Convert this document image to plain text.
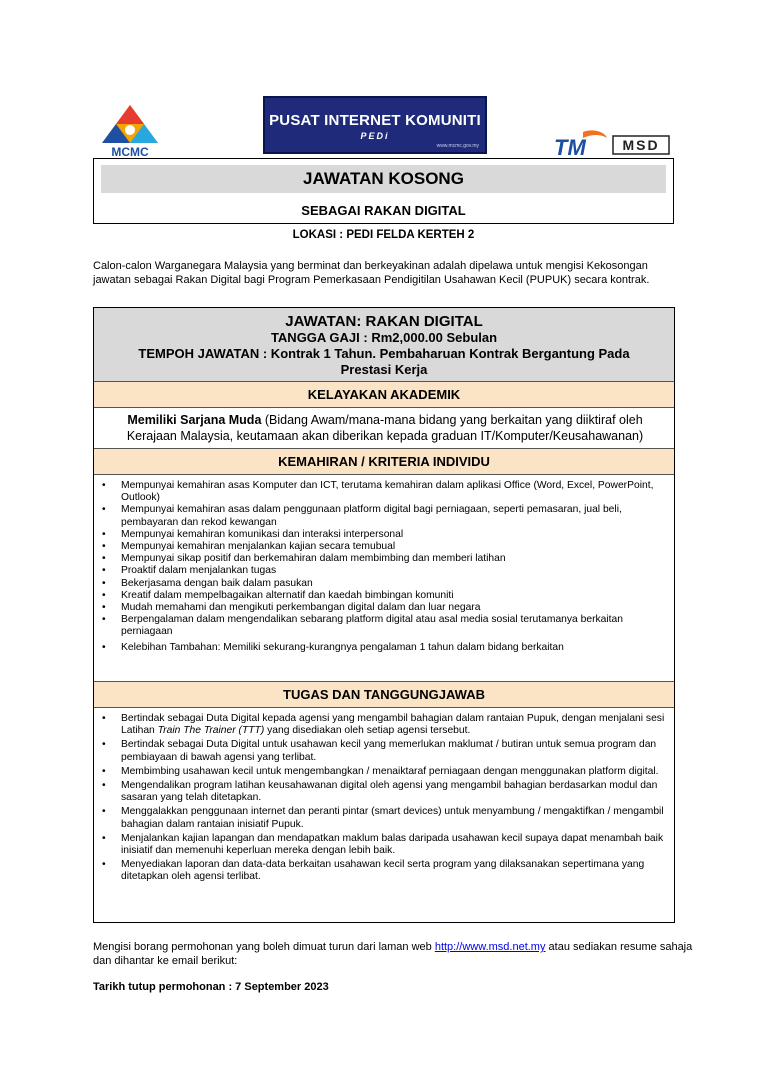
MCMC
PUSAT INTERNET KOMUNITI
PEDi
www.mcmc.gov.my	TM	MSD
JAWATAN KOSONG
SEBAGAI RAKAN DIGITAL
LOKASI : PEDI FELDA KERTEH 2
Calon-calon Warganegara Malaysia yang berminat dan berkeyakinan adalah dipelawa untuk mengisi Kekosongan jawatan sebagai Rakan Digital bagi Program Pemerkasaan Pendigitilan Usahawan Kecil (PUPUK) secara kontrak.
JAWATAN: RAKAN DIGITAL
TANGGA GAJI : Rm2,000.00 Sebulan
TEMPOH JAWATAN : Kontrak 1 Tahun. Pembaharuan Kontrak Bergantung Pada Prestasi Kerja
KELAYAKAN AKADEMIK
Memiliki Sarjana Muda (Bidang Awam/mana-mana bidang yang berkaitan yang diiktiraf oleh Kerajaan Malaysia, keutamaan akan diberikan kepada graduan IT/Komputer/Keusahawanan)
KEMAHIRAN / KRITERIA INDIVIDU
• Mempunyai kemahiran asas Komputer dan ICT, terutama kemahiran dalam aplikasi Office (Word, Excel, PowerPoint, Outlook)
• Mempunyai kemahiran asas dalam penggunaan platform digital bagi perniagaan, seperti pemasaran, jual beli, pembayaran dan rekod kewangan
• Mempunyai kemahiran komunikasi dan interaksi interpersonal
• Mempunyai kemahiran menjalankan kajian secara temubual
• Mempunyai sikap positif dan berkemahiran dalam membimbing dan memberi latihan
• Proaktif dalam menjalankan tugas
• Bekerjasama dengan baik dalam pasukan
• Kreatif dalam mempelbagaikan alternatif dan kaedah bimbingan komuniti
• Mudah memahami dan mengikuti perkembangan digital dalam dan luar negara
• Berpengalaman dalam mengendalikan sebarang platform digital atau asal media sosial terutamanya berkaitan perniagaan
• Kelebihan Tambahan: Memiliki sekurang-kurangnya pengalaman 1 tahun dalam bidang berkaitan
TUGAS DAN TANGGUNGJAWAB
• Bertindak sebagai Duta Digital kepada agensi yang mengambil bahagian dalam rantaian Pupuk, dengan menjalani sesi Latihan Train The Trainer (TTT) yang disediakan oleh setiap agensi tersebut.
• Bertindak sebagai Duta Digital untuk usahawan kecil yang memerlukan maklumat / butiran untuk semua program dan pembiayaan di bawah agensi yang terlibat.
• Membimbing usahawan kecil untuk mengembangkan / menaiktaraf perniagaan dengan menggunakan platform digital.
• Mengendalikan program latihan keusahawanan digital oleh agensi yang mengambil bahagian berdasarkan modul dan sasaran yang telah ditetapkan.
• Menggalakkan penggunaan internet dan peranti pintar (smart devices) untuk menyambung / mengaktifkan / mengambil bahagian dalam rantaian inisiatif Pupuk.
• Menjalankan kajian lapangan dan mendapatkan maklum balas daripada usahawan kecil supaya dapat menambah baik inisiatif dan memenuhi keperluan mereka dengan lebih baik.
• Menyediakan laporan dan data-data berkaitan usahawan kecil serta program yang dilaksanakan sepertimana yang ditetapkan oleh agensi terlibat.
Mengisi borang permohonan yang boleh dimuat turun dari laman web http://www.msd.net.my atau sediakan resume sahaja dan dihantar ke email berikut:
Tarikh tutup permohonan : 7 September 2023
